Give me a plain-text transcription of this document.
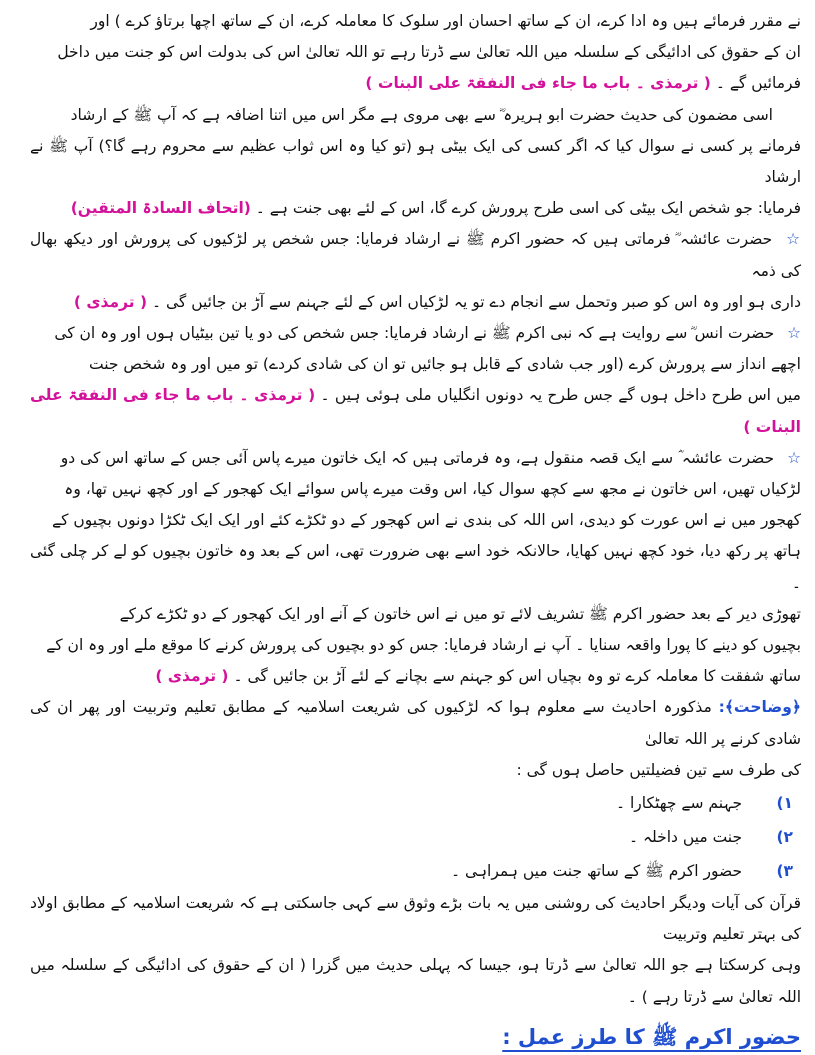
نے مقرر فرمائے ہیں وہ ادا کرے، ان کے ساتھ احسان اور سلوک کا معاملہ کرے، ان کے ساتھ اچھا برتاؤ کرے ) اور

ان کے حقوق کی ادائیگی کے سلسلہ میں اللہ تعالیٰ سے ڈرتا رہے تو اللہ تعالیٰ اس کی بدولت اس کو جنت میں داخل

فرمائیں گے ۔ ( ترمذی ۔ باب ما جاء فی النفقۃ علی البنات )

اسی مضمون کی حدیث حضرت ابو ہریرہ ؓ سے بھی مروی ہے مگر اس میں اتنا اضافہ ہے کہ آپ ﷺ کے ارشاد

فرمانے پر کسی نے سوال کیا کہ اگر کسی کی ایک بیٹی ہو (تو کیا وہ اس ثواب عظیم سے محروم رہے گا؟) آپ ﷺ نے ارشاد

فرمایا: جو شخص ایک بیٹی کی اسی طرح پرورش کرے گا، اس کے لئے بھی جنت ہے ۔ (اتحاف السادۃ المتقین)

☆ حضرت عائشہ ؓ فرماتی ہیں کہ حضور اکرم ﷺ نے ارشاد فرمایا: جس شخص پر لڑکیوں کی پرورش اور دیکھ بھال کی ذمہ

داری ہو اور وہ اس کو صبر وتحمل سے انجام دے تو یہ لڑکیاں اس کے لئے جہنم سے آڑ بن جائیں گی ۔ ( ترمذی )

☆ حضرت انس ؓ سے روایت ہے کہ نبی اکرم ﷺ نے ارشاد فرمایا: جس شخص کی دو یا تین بیٹیاں ہوں اور وہ ان کی

اچھے انداز سے پرورش کرے (اور جب شادی کے قابل ہو جائیں تو ان کی شادی کردے) تو میں اور وہ شخص جنت

میں اس طرح داخل ہوں گے جس طرح یہ دونوں انگلیاں ملی ہوئی ہیں ۔ ( ترمذی ۔ باب ما جاء فی النفقۃ علی البنات )

☆ حضرت عائشہ ؓ سے ایک قصہ منقول ہے، وہ فرماتی ہیں کہ ایک خاتون میرے پاس آئی جس کے ساتھ اس کی دو

لڑکیاں تھیں، اس خاتون نے مجھ سے کچھ سوال کیا، اس وقت میرے پاس سوائے ایک کھجور کے اور کچھ نہیں تھا، وہ

کھجور میں نے اس عورت کو دیدی، اس اللہ کی بندی نے اس کھجور کے دو ٹکڑے کئے اور ایک ایک ٹکڑا دونوں بچیوں کے

ہاتھ پر رکھ دیا، خود کچھ نہیں کھایا، حالانکہ خود اسے بھی ضرورت تھی، اس کے بعد وہ خاتون بچیوں کو لے کر چلی گئی ۔

تھوڑی دیر کے بعد حضور اکرم ﷺ تشریف لائے تو میں نے اس خاتون کے آنے اور ایک کھجور کے دو ٹکڑے کرکے

بچیوں کو دینے کا پورا واقعہ سنایا ۔ آپ نے ارشاد فرمایا: جس کو دو بچیوں کی پرورش کرنے کا موقع ملے اور وہ ان کے

ساتھ شفقت کا معاملہ کرے تو وہ بچیاں اس کو جہنم سے بچانے کے لئے آڑ بن جائیں گی ۔ ( ترمذی )

﴿وضاحت﴾: مذکورہ احادیث سے معلوم ہوا کہ لڑکیوں کی شریعت اسلامیہ کے مطابق تعلیم وتربیت اور پھر ان کی شادی کرنے پر اللہ تعالیٰ

کی طرف سے تین فضیلتیں حاصل ہوں گی :

۱) جہنم سے چھٹکارا ۔
۲) جنت میں داخلہ ۔
۳) حضور اکرم ﷺ کے ساتھ جنت میں ہمراہی ۔

قرآن کی آیات ودیگر احادیث کی روشنی میں یہ بات بڑے وثوق سے کہی جاسکتی ہے کہ شریعت اسلامیہ کے مطابق اولاد کی بہتر تعلیم وتربیت

وہی کرسکتا ہے جو اللہ تعالیٰ سے ڈرتا ہو، جیسا کہ پہلی حدیث میں گزرا ( ان کے حقوق کی ادائیگی کے سلسلہ میں اللہ تعالیٰ سے ڈرتا رہے ) ۔

حضور اکرم ﷺ کا طرز عمل :
